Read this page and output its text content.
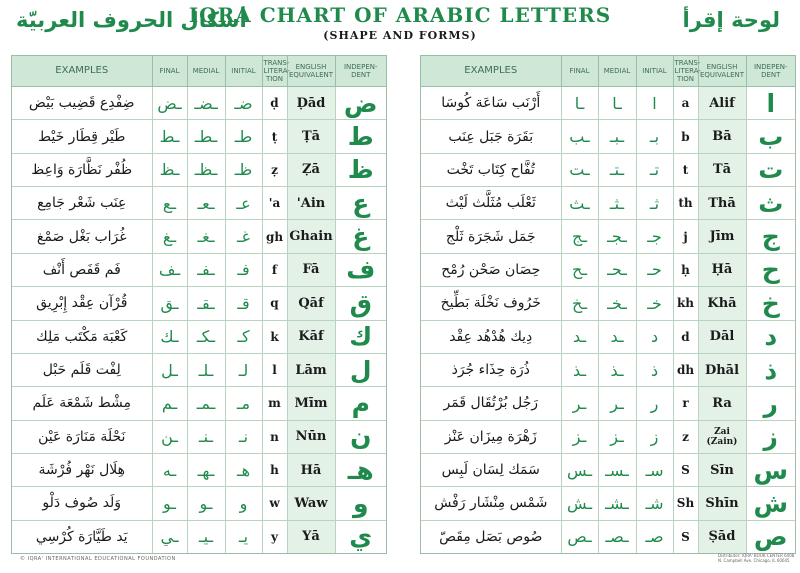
أشكال الحروف العربيّة
IQRA CHART OF ARABIC LETTERS
(SHAPE AND FORMS)
لوحة إقرأ
EXAMPLES	FINAL	MEDIAL	INITIAL	TRANS-LITERA-TION	ENGLISH EQUIVALENT	INDEPEN-DENT
ضِفْدِع قَضِيب بَيْض	ـض	ـضـ	ضـ	ḍ	Ḍād	ض
طَيْر قِطَار خَيْط	ـط	ـطـ	طـ	ṭ	Ṭā	ط
ظُفْر نَظَّارَة وَاعِظ	ـظ	ـظـ	ظـ	ẓ	Ẓā	ظ
عِنَب شَعْر جَامِع	ـع	ـعـ	عـ	'a	'Ain	ع
غُرَاب بَغْل صَمْغ	ـغ	ـغـ	غـ	gh	Ghain	غ
فَم قَفَص أَنْف	ـف	ـفـ	فـ	f	Fā	ف
قُرْآن عِقْد إِبْرِيق	ـق	ـقـ	قـ	q	Qāf	ق
كَعْبَة مَكْتَب مَلِك	ـك	ـكـ	كـ	k	Kāf	ك
لِفْت قَلَم حَبْل	ـل	ـلـ	لـ	l	Lām	ل
مِشْط شَمْعَة عَلَم	ـم	ـمـ	مـ	m	Mīm	م
نَحْلَة مَنَارَة عَيْن	ـن	ـنـ	نـ	n	Nūn	ن
هِلَال نَهْر فُرْشَة	ـه	ـهـ	هـ	h	Hā	هـ
وَلَد صُوف دَلْو	ـو	ـو	و	w	Waw	و
يَد طَيَّارَة كُرْسِي	ـي	ـيـ	يـ	y	Yā	ي
EXAMPLES	FINAL	MEDIAL	INITIAL	TRANS-LITERA-TION	ENGLISH EQUIVALENT	INDEPEN-DENT
أَرْنَب سَاعَة كُوسَا	ـا	ـا	ا	a	Alif	ا
بَقَرَة جَبَل عِنَب	ـب	ـبـ	بـ	b	Bā	ب
تُفَّاح كِتَاب تَخْت	ـت	ـتـ	تـ	t	Tā	ت
ثَعْلَب مُثَلَّث لَيْث	ـث	ـثـ	ثـ	th	Thā	ث
جَمَل شَجَرَة ثَلْج	ـج	ـجـ	جـ	j	Jīm	ج
حِصَان صَحْن رُمْح	ـح	ـحـ	حـ	ḥ	Ḥā	ح
خَرُوف نَخْلَة بَطِّيخ	ـخ	ـخـ	خـ	kh	Khā	خ
دِيك هُدْهُد عِقْد	ـد	ـد	د	d	Dāl	د
ذُرَة حِذَاء جُرَذ	ـذ	ـذ	ذ	dh	Dhāl	ذ
رَجُل بُرْتُقَال قَمَر	ـر	ـر	ر	r	Ra	ر
زَهْرَة مِيزَان عَنْز	ـز	ـز	ز	z	Zai (Zain)	ز
سَمَك لِسَان لَبِس	ـس	ـسـ	سـ	S	Sīn	س
شَمْس مِنْشَار رَفْش	ـش	ـشـ	شـ	Sh	Shīn	ش
صُوص بَصَل مِقَصّ	ـص	ـصـ	صـ	S	Ṣād	ص
© IQRA' INTERNATIONAL EDUCATIONAL FOUNDATION
Distributor: IQRA' BOOK CENTER 6408 N. Campbell Ave. Chicago, IL 60645
